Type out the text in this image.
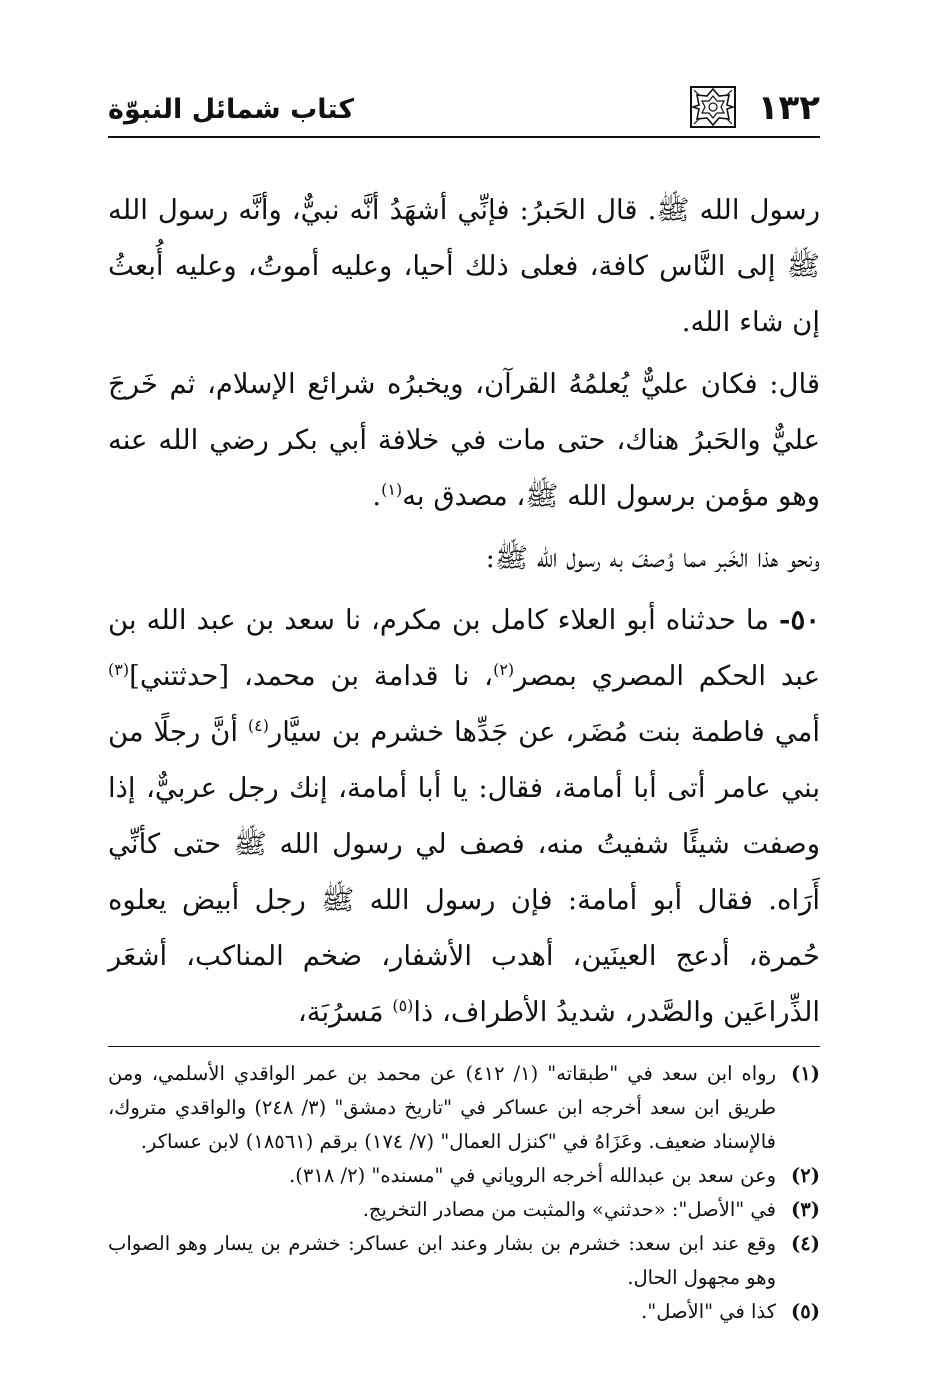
١٣٢
كتاب شمائل النبوّة

رسول الله ﷺ. قال الحَبرُ: فإنِّي أشهَدُ أنَّه نبيٌّ، وأنَّه رسول الله ﷺ إلى النَّاس كافة، فعلى ذلك أحيا، وعليه أموتُ، وعليه أُبعثُ إن شاء الله.

قال: فكان عليٌّ يُعلمُهُ القرآن، ويخبرُه شرائع الإسلام، ثم خَرجَ عليٌّ والحَبرُ هناك، حتى مات في خلافة أبي بكر رضي الله عنه وهو مؤمن برسول الله ﷺ، مصدق به$^{(١)}$.

ونحو هذا الخَبر مما وُصفَ به رسول الله ﷺ:

٥٠- ما حدثناه أبو العلاء كامل بن مكرم، نا سعد بن عبد الله بن عبد الحكم المصري بمصر$^{(٢)}$، نا قدامة بن محمد، [حدثتني]$^{(٣)}$ أمي فاطمة بنت مُضَر، عن جَدِّها خشرم بن سيَّار$^{(٤)}$ أنَّ رجلًا من بني عامر أتى أبا أمامة، فقال: يا أبا أمامة، إنك رجل عربيٌّ، إذا وصفت شيئًا شفيتُ منه، فصف لي رسول الله ﷺ حتى كأنِّي أَرَاه. فقال أبو أمامة: فإن رسول الله ﷺ رجل أبيض يعلوه حُمرة، أدعج العينَين، أهدب الأشفار، ضخم المناكب، أشعَر الذِّراعَين والصَّدر، شديدُ الأطراف، ذا$^{(٥)}$ مَسرُبَة،

(١)
رواه ابن سعد في "طبقاته" (١/ ٤١٢) عن محمد بن عمر الواقدي الأسلمي، ومن طريق ابن سعد أخرجه ابن عساكر في "تاريخ دمشق" (٣/ ٢٤٨) والواقدي متروك، فالإسناد ضعيف. وعَزَاهُ في "كنزل العمال" (٧/ ١٧٤) برقم (١٨٥٦١) لابن عساكر.
(٢)
وعن سعد بن عبدالله أخرجه الروياني في "مسنده" (٢/ ٣١٨).
(٣)
في "الأصل": «حدثني» والمثبت من مصادر التخريج.
(٤)
وقع عند ابن سعد: خشرم بن بشار وعند ابن عساكر: خشرم بن يسار وهو الصواب وهو مجهول الحال.
(٥)
كذا في "الأصل".
